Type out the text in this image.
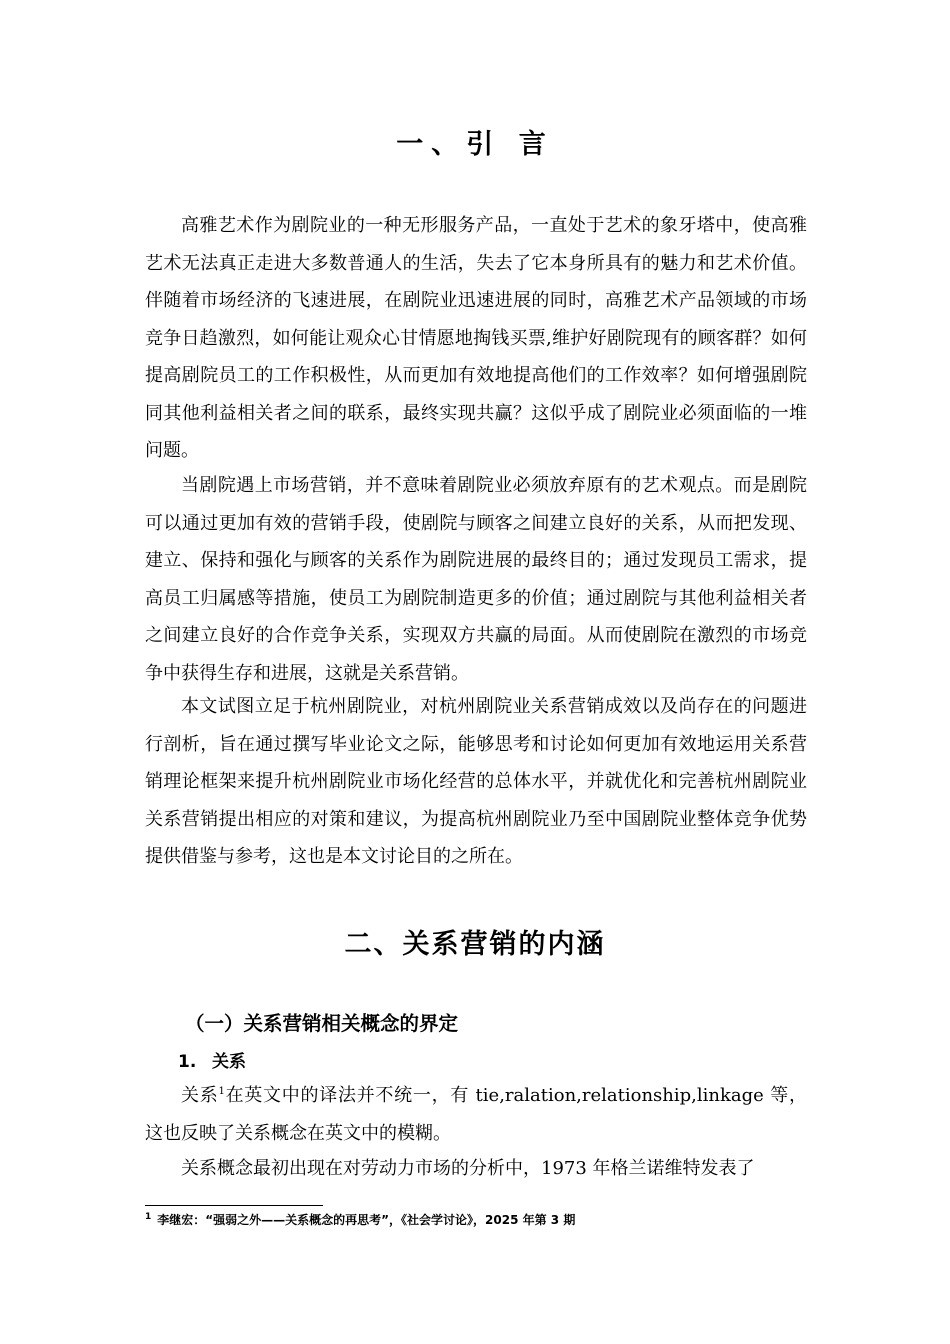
一、引 言

高雅艺术作为剧院业的一种无形服务产品，一直处于艺术的象牙塔中，使高雅艺术无法真正走进大多数普通人的生活，失去了它本身所具有的魅力和艺术价值。伴随着市场经济的飞速进展，在剧院业迅速进展的同时，高雅艺术产品领域的市场竞争日趋激烈，如何能让观众心甘情愿地掏钱买票,维护好剧院现有的顾客群？如何提高剧院员工的工作积极性，从而更加有效地提高他们的工作效率？如何增强剧院同其他利益相关者之间的联系，最终实现共赢？这似乎成了剧院业必须面临的一堆问题。

当剧院遇上市场营销，并不意味着剧院业必须放弃原有的艺术观点。而是剧院可以通过更加有效的营销手段，使剧院与顾客之间建立良好的关系，从而把发现、建立、保持和强化与顾客的关系作为剧院进展的最终目的；通过发现员工需求，提高员工归属感等措施，使员工为剧院制造更多的价值；通过剧院与其他利益相关者之间建立良好的合作竞争关系，实现双方共赢的局面。从而使剧院在激烈的市场竞争中获得生存和进展，这就是关系营销。

本文试图立足于杭州剧院业，对杭州剧院业关系营销成效以及尚存在的问题进行剖析，旨在通过撰写毕业论文之际，能够思考和讨论如何更加有效地运用关系营销理论框架来提升杭州剧院业市场化经营的总体水平，并就优化和完善杭州剧院业关系营销提出相应的对策和建议，为提高杭州剧院业乃至中国剧院业整体竞争优势提供借鉴与参考，这也是本文讨论目的之所在。

二、关系营销的内涵
（一）关系营销相关概念的界定
1. 关系

关系$^1$在英文中的译法并不统一，有 tie,ralation,relationship,linkage 等，这也反映了关系概念在英文中的模糊。

关系概念最初出现在对劳动力市场的分析中，1973 年格兰诺维特发表了

$^1$ 李继宏：“强弱之外——关系概念的再思考”，《社会学讨论》，2025 年第 3 期
